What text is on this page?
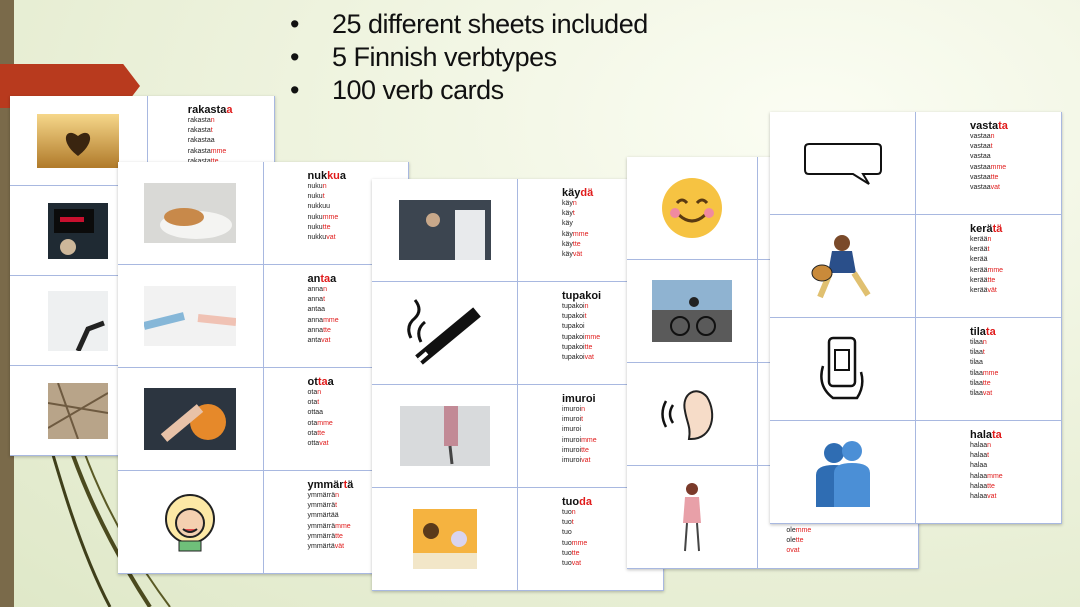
• 25 different sheets included
• 5 Finnish verbtypes
• 100 verb cards
rakastaa
rakastan
rakastat
rakastaa
rakastamme
nukkua
nukun
nukut
nukkuu
nukumme
nukutte
nukkuvat
antaa
annan
annat
antaa
annamme
annatte
antavat
ottaa
otan
otat
ottaa
otamme
otatte
ottavat
ymmärtä
ymmärrän
ymmärrät
ymmärtää
ymmärrämme
ymmärrätte
ymmärtävät
käydä
käyn
käyt
käy
käymme
käytte
käyvät
tupakoi
tupakoin
tupakoit
tupakoi
tupakoimme
tupakoitte
tupakoivat
imuroi
imuroin
imuroit
imuroi
imuroimme
imuroitte
imuroivat
tuoda
tuon
tuot
tuo
tuomme
tuotte
tuovat
olemme
olette
ovat
vastata
vastaan
vastaat
vastaa
vastaamme
vastaatte
vastaavat
kerätä
kerään
keräät
kerää
keräämme
keräätte
keräävät
tilata
tilaan
tilaat
tilaa
tilaamme
tilaatte
tilaavat
halata
halaan
halaat
halaa
halaamme
halaatte
halaavat
